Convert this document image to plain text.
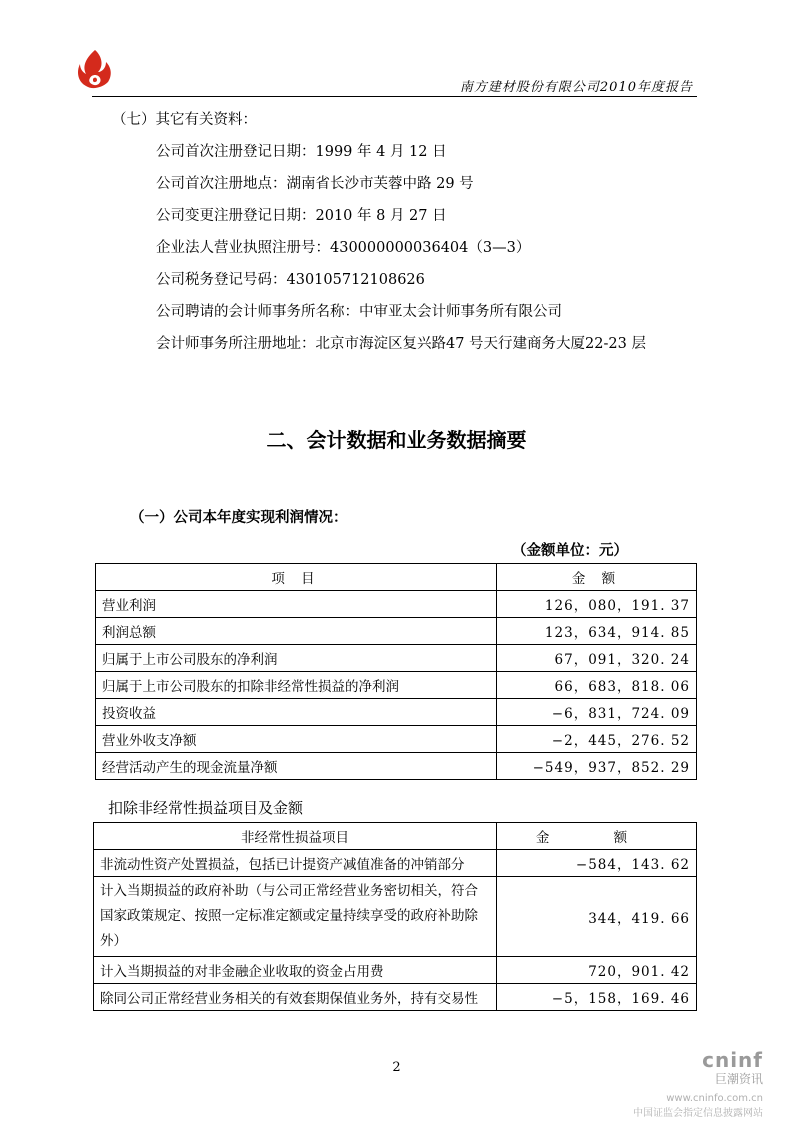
南方建材股份有限公司2010年度报告
（七）其它有关资料：
公司首次注册登记日期：1999 年 4 月 12 日
公司首次注册地点：湖南省长沙市芙蓉中路 29 号
公司变更注册登记日期：2010 年 8 月 27 日
企业法人营业执照注册号：430000000036404（3—3）
公司税务登记号码：430105712108626
公司聘请的会计师事务所名称：中审亚太会计师事务所有限公司
会计师事务所注册地址：北京市海淀区复兴路47 号天行建商务大厦22-23 层
二、会计数据和业务数据摘要
（一）公司本年度实现利润情况：
（金额单位：元）
项 目	金 额
营业利润	126，080，191. 37
利润总额	123，634，914. 85
归属于上市公司股东的净利润	67，091，320. 24
归属于上市公司股东的扣除非经常性损益的净利润	66，683，818. 06
投资收益	−6，831，724. 09
营业外收支净额	−2，445，276. 52
经营活动产生的现金流量净额	−549，937，852. 29
扣除非经常性损益项目及金额
非经常性损益项目	金 额
非流动性资产处置损益，包括已计提资产减值准备的冲销部分	−584，143. 62
计入当期损益的政府补助（与公司正常经营业务密切相关，符合国家政策规定、按照一定标准定额或定量持续享受的政府补助除外）	344，419. 66
计入当期损益的对非金融企业收取的资金占用费	720，901. 42
除同公司正常经营业务相关的有效套期保值业务外，持有交易性	−5，158，169. 46
2	cninf
巨潮资讯
www.cninfo.com.cn
中国证监会指定信息披露网站
